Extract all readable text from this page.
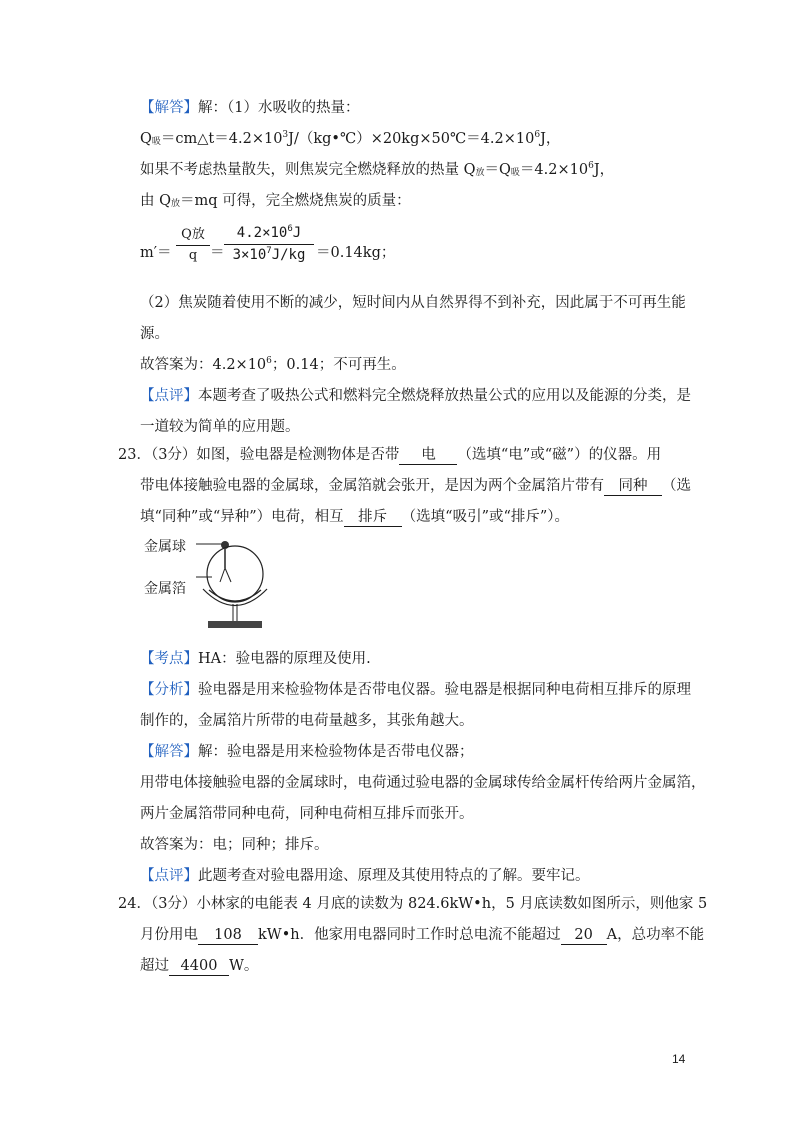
【解答】解：（1）水吸收的热量：
$Q_吸=cm\triangle t=4.2\times 10^3J/(kg•℃)\times 20kg\times 50℃=4.2\times 10^6J$，
如果不考虑热量散失，则焦炭完全燃烧释放的热量 $Q_放=Q_吸=4.2\times 10^6J$，
由 $Q_放=mq$ 可得，完全燃烧焦炭的质量：
m′＝
Q放
q ＝
$4.2\times 10^6J$
$3\times 10^7J/kg =0.14kg$；
（2）焦炭随着使用不断的减少，短时间内从自然界得不到补充，因此属于不可再生能
源。
故答案为：$4.2\times 10^6$；0.14；不可再生。
【点评】本题考查了吸热公式和燃料完全燃烧释放热量公式的应用以及能源的分类，是
一道较为简单的应用题。
23．（3分）如图，验电器是检测物体是否带 电 （选填“电”或“磁”）的仪器。用
带电体接触验电器的金属球，金属箔就会张开，是因为两个金属箔片带有 同种 （选
填“同种”或“异种”）电荷，相互 排斥 （选填“吸引”或“排斥”）。
金属球
金属箔
【考点】HA：验电器的原理及使用.
【分析】验电器是用来检验物体是否带电仪器。验电器是根据同种电荷相互排斥的原理
制作的，金属箔片所带的电荷量越多，其张角越大。
【解答】解：验电器是用来检验物体是否带电仪器；
用带电体接触验电器的金属球时，电荷通过验电器的金属球传给金属杆传给两片金属箔，
两片金属箔带同种电荷，同种电荷相互排斥而张开。
故答案为：电；同种；排斥。
【点评】此题考查对验电器用途、原理及其使用特点的了解。要牢记。
24．（3分）小林家的电能表 4 月底的读数为 824.6kW•h，5 月底读数如图所示，则他家 5
月份用电 108 kW•h．他家用电器同时工作时总电流不能超过 20 A，总功率不能
超过 4400 W。
14
